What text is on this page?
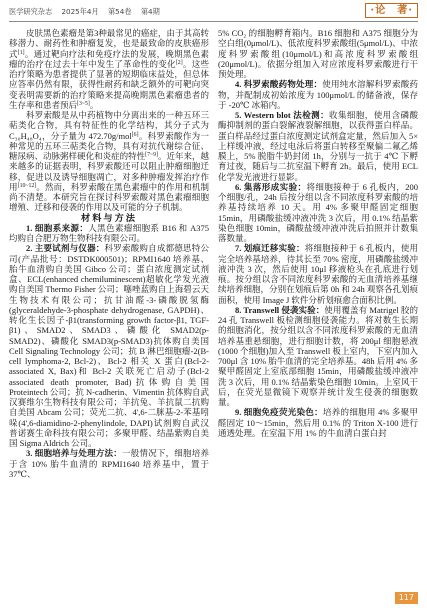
医学研究杂志 2025年4月 第54卷 第4期	·论　著·

皮肤黑色素瘤是第3种最常见的癌症，由于其高转移潜力、耐药性和肿瘤复发，也是最致命的皮肤癌形式[1]。通过靶向疗法和免疫疗法的发展，晚期黑色素瘤的治疗在过去十年中发生了革命性的变化[2]。这些治疗策略为患者提供了显著的短期临床益处，但总体应答率仍然有限，获得性耐药和缺乏额外的可靶向突变表明需要新的治疗策略来提高晚期黑色素瘤患者的生存率和患者预后[3~5]。

科罗索酸是从中药植物中分离出来的一种五环三萜类化合物，具有特征性的化学结构，其分子式为 C₃₀H₄₈O₄，分子量为 472.70g/mol[6]。科罗索酸作为一种常见的五环三萜类化合物，具有对抗代谢综合征、糖尿病、动脉粥样硬化和炎症的特性[7~9]。近年来，越来越多的证据表明，科罗索酸还可以阻止肿瘤细胞迁移，促进以及诱导细胞凋亡，对多种肿瘤发挥治疗作用[10~12]。然而，科罗索酸在黑色素瘤中的作用和机制尚不清楚。本研究旨在探讨科罗索酸对黑色素瘤细胞增殖、迁移和侵袭的作用以及可能的分子机制。

材料与方法

1. 细胞系来源：人黑色素瘤细胞系 B16 和 A375 均购自合肥万物生物科技有限公司。

2. 主要试剂与仪器：科罗索酸购自成都德思特公司(产品批号：DSTDK000501)；RPMI1640 培养基、胎牛血清购自美国 Gibco 公司；蛋白浓度测定试剂盒、ECL(enhanced chemiluminescent)超敏化学发光液购自美国 Thermo Fisher 公司；噻唑蓝购自上海碧云天生物技术有限公司；抗甘油醛-3-磷酸脱氢酶(glyceraldehyde-3-phosphate dehydrogenase, GAPDH)、转化生长因子-β1(transforming growth factor-β1, TGF-β1)、SMAD2、SMAD3、磷酸化 SMAD2(p-SMAD2)、磷酸化 SMAD3(p-SMAD3)抗体购自美国 Cell Signaling Technology 公司；抗 B 淋巴细胞瘤-2(B-cell lymphoma-2, Bcl-2)、Bcl-2 相关 X 蛋白(Bcl-2-associated X, Bax)和 Bcl-2 关联死亡启动子(Bcl-2 associated death promoter, Bad)抗体购自美国 Proteintech 公司；抗 N-cadherin、Vimentin 抗体购自武汉赛维尔生物科技有限公司；羊抗兔、羊抗鼠二抗购自美国 Abcam 公司；荧光二抗、4',6-二脒基-2-苯基吲哚(4',6-diamidino-2-phenylindole, DAPI)试剂购自武汉普诺赛生命科技有限公司；多聚甲醛、结晶紫购自美国 Sigma Aldrich 公司。

3. 细胞培养与处理方法：一般情况下，细胞培养于含 10% 胎牛血清的 RPMI1640 培养基中，置于 37℃、

5% CO₂ 的细胞孵育箱内。B16 细胞和 A375 细胞分为空白组(0μmol/L)、低浓度科罗索酸组(5μmol/L)、中浓度科罗索酸组(10μmol/L)和高浓度科罗索酸组(20μmol/L)。依据分组加入对应浓度科罗索酸进行干预处理。

4. 科罗索酸药物处理：使用纯水溶解科罗索酸药物，并配制成初始浓度为 100μmol/L 的储备液，保存于 -20℃ 冰箱内。

5. Western blot 法检测：收集细胞，使用含磷酸酶抑制剂的蛋白裂解液裂解细胞，以获得蛋白样品。蛋白样品经过蛋白浓度测定试剂盒定量，然后加入 5× 上样缓冲液，经过电泳后将蛋白转移至聚偏二氟乙烯膜上，5% 脱脂牛奶封闭 1h，分别与一抗于 4℃ 下孵育过夜，随后与二抗室温下孵育 2h。最后，使用 ECL 化学发光液进行显影。

6. 集落形成实验：将细胞接种于 6 孔板内，200 个细胞/孔，24h 后按分组以含不同浓度科罗索酸的培养基持续培养 10 天。用 4% 多聚甲醛固定细胞 15min，用磷酸盐缓冲液冲洗 3 次后，用 0.1% 结晶紫染色细胞 10min，磷酸盐缓冲液冲洗后拍照并计数集落数量。

7. 划痕迁移实验：将细胞接种于 6 孔板内，使用完全培养基培养，待其长至 70% 密度，用磷酸盐缓冲液冲洗 3 次，然后使用 10μl 移液枪头在孔底进行划痕。按分组以含不同浓度科罗索酸的无血清培养基继续培养细胞，分别在划痕后第 0h 和 24h 观察各孔划痕面积，使用 Image J 软件分析划痕愈合面积比例。

8. Transwell 侵袭实验：使用覆盖有 Matrigel 胶的 24 孔 Transwell 板检测细胞侵袭能力。将对数生长期的细胞消化，按分组以含不同浓度科罗索酸的无血清培养基重悬细胞，进行细胞计数，将 200μl 细胞悬液(1000 个细胞)加入至 Transwell 板上室内，下室内加入 700μl 含 10% 胎牛血清的完全培养基。48h 后用 4% 多聚甲醛固定上室底部细胞 15min，用磷酸盐缓冲液冲洗 3 次后，用 0.1% 结晶紫染色细胞 10min。上室风干后，在荧光显微镜下观察并统计发生侵袭的细胞数量。

9. 细胞免疫荧光染色：培养的细胞用 4% 多聚甲醛固定 10～15min，然后用 0.1% 的 Triton X-100 进行通透处理。在室温下用 1% 的牛血清白蛋白封

117
